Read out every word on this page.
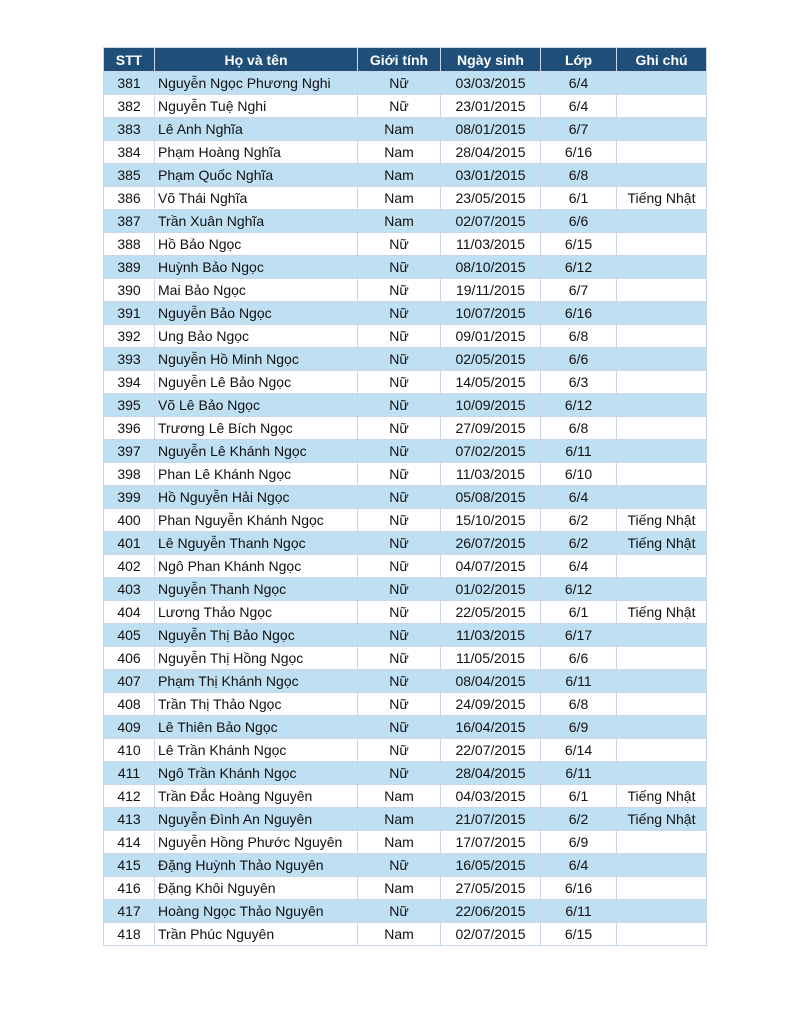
STT	Họ và tên	Giới tính	Ngày sinh	Lớp	Ghi chú
381	Nguyễn Ngọc Phương Nghi	Nữ	03/03/2015	6/4	
382	Nguyễn Tuệ Nghi	Nữ	23/01/2015	6/4	
383	Lê Anh Nghĩa	Nam	08/01/2015	6/7	
384	Phạm Hoàng Nghĩa	Nam	28/04/2015	6/16	
385	Phạm Quốc Nghĩa	Nam	03/01/2015	6/8	
386	Võ Thái Nghĩa	Nam	23/05/2015	6/1	Tiếng Nhật
387	Trần Xuân Nghĩa	Nam	02/07/2015	6/6	
388	Hồ Bảo Ngọc	Nữ	11/03/2015	6/15	
389	Huỳnh Bảo Ngọc	Nữ	08/10/2015	6/12	
390	Mai Bảo Ngọc	Nữ	19/11/2015	6/7	
391	Nguyễn Bảo Ngọc	Nữ	10/07/2015	6/16	
392	Ung Bảo Ngọc	Nữ	09/01/2015	6/8	
393	Nguyễn Hồ Minh Ngọc	Nữ	02/05/2015	6/6	
394	Nguyễn Lê Bảo Ngọc	Nữ	14/05/2015	6/3	
395	Võ Lê Bảo Ngọc	Nữ	10/09/2015	6/12	
396	Trương Lê Bích Ngọc	Nữ	27/09/2015	6/8	
397	Nguyễn Lê Khánh Ngọc	Nữ	07/02/2015	6/11	
398	Phan Lê Khánh Ngọc	Nữ	11/03/2015	6/10	
399	Hồ Nguyễn Hải Ngọc	Nữ	05/08/2015	6/4	
400	Phan Nguyễn Khánh Ngọc	Nữ	15/10/2015	6/2	Tiếng Nhật
401	Lê Nguyễn Thanh Ngọc	Nữ	26/07/2015	6/2	Tiếng Nhật
402	Ngô Phan Khánh Ngọc	Nữ	04/07/2015	6/4	
403	Nguyễn Thanh Ngọc	Nữ	01/02/2015	6/12	
404	Lương Thảo Ngọc	Nữ	22/05/2015	6/1	Tiếng Nhật
405	Nguyễn Thị Bảo Ngọc	Nữ	11/03/2015	6/17	
406	Nguyễn Thị Hồng Ngọc	Nữ	11/05/2015	6/6	
407	Phạm Thị Khánh Ngọc	Nữ	08/04/2015	6/11	
408	Trần Thị Thảo Ngọc	Nữ	24/09/2015	6/8	
409	Lê Thiên Bảo Ngọc	Nữ	16/04/2015	6/9	
410	Lê Trần Khánh Ngọc	Nữ	22/07/2015	6/14	
411	Ngô Trần Khánh Ngọc	Nữ	28/04/2015	6/11	
412	Trần Đắc Hoàng Nguyên	Nam	04/03/2015	6/1	Tiếng Nhật
413	Nguyễn Đình An Nguyên	Nam	21/07/2015	6/2	Tiếng Nhật
414	Nguyễn Hồng Phước Nguyên	Nam	17/07/2015	6/9	
415	Đặng Huỳnh Thảo Nguyên	Nữ	16/05/2015	6/4	
416	Đặng Khôi Nguyên	Nam	27/05/2015	6/16	
417	Hoàng Ngọc Thảo Nguyên	Nữ	22/06/2015	6/11	
418	Trần Phúc Nguyên	Nam	02/07/2015	6/15	
